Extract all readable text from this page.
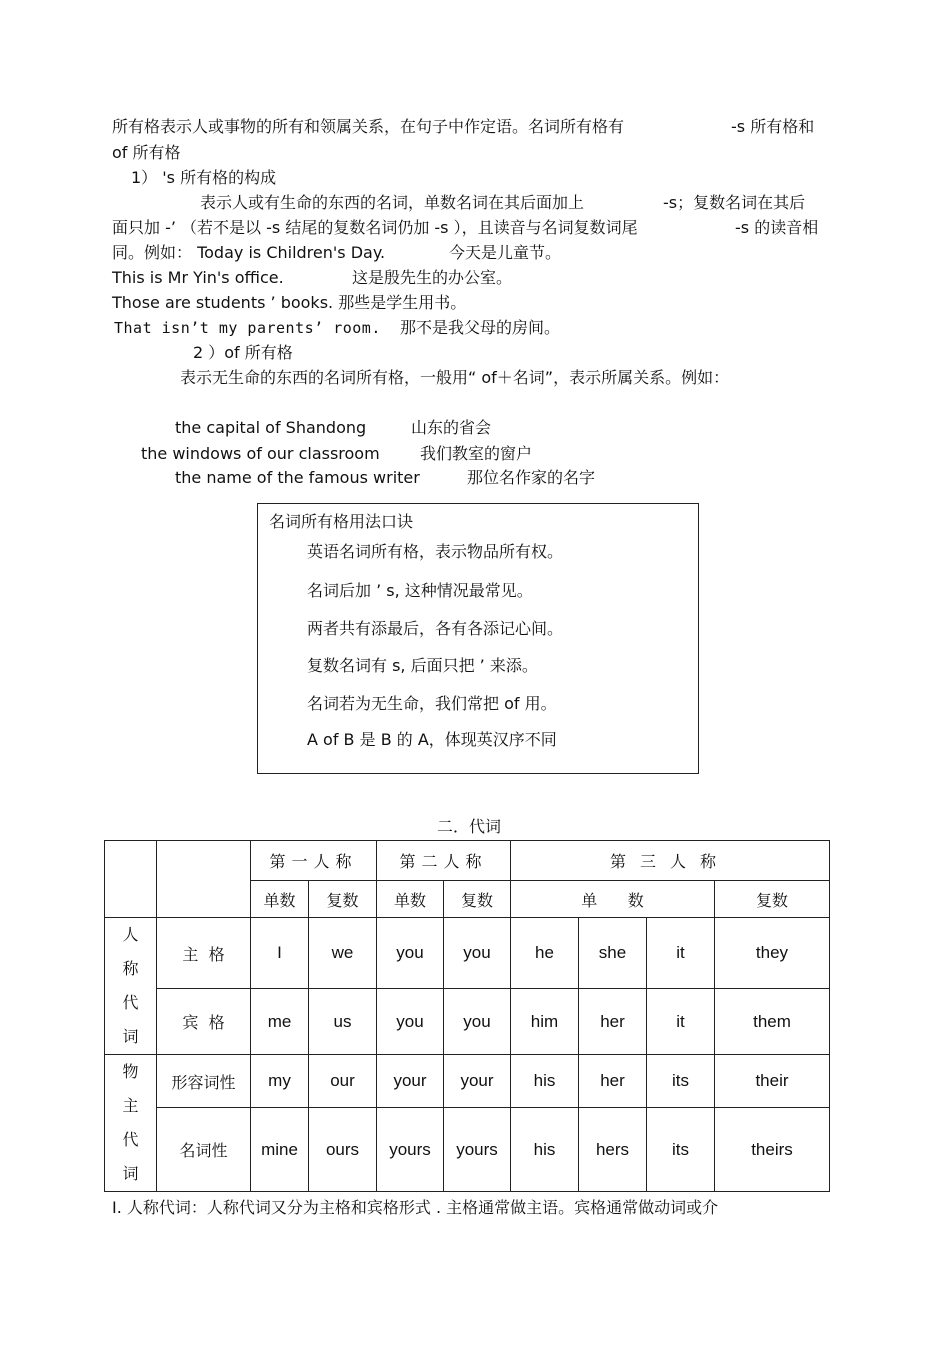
所有格表示人或事物的所有和领属关系，在句子中作定语。名词所有格有	-s 所有格和
of 所有格
1） 's 所有格的构成
表示人或有生命的东西的名词，单数名词在其后面加上	-s；复数名词在其后
面只加 -’ （若不是以 -s 结尾的复数名词仍加 -s ），且读音与名词复数词尾	-s 的读音相
同。例如： Today is Children's Day.	今天是儿童节。
This is Mr Yin's office.	这是殷先生的办公室。
Those are students ’ books. 那些是学生用书。
That isn’t my parents’ room. 那不是我父母的房间。
2 ）of 所有格
表示无生命的东西的名词所有格，一般用“ of＋名词”，表示所属关系。例如：
the capital of Shandong	山东的省会
the windows of our classroom	我们教室的窗户
the name of the famous writer	那位名作家的名字
名词所有格用法口诀
英语名词所有格，表示物品所有权。
名词后加 ’ s, 这种情况最常见。
两者共有添最后，各有各添记心间。
复数名词有 s, 后面只把 ’ 来添。
名词若为无生命，我们常把 of 用。
A of B 是 B 的 A，体现英汉序不同
二．代词
		第一人称		第二人称		第三人称			
		单数	复数	单数	复数	单      数			复数

人
称
代
词	主  格	I	we	you	you	he	she	it	they
	宾  格	me	us	you	you	him	her	it	them

物
主
代
词	形容词性	my	our	your	your	his	her	its	their
	名词性	mine	ours	yours	yours	his	hers	its	theirs
I. 人称代词：人称代词又分为主格和宾格形式 . 主格通常做主语。宾格通常做动词或介
